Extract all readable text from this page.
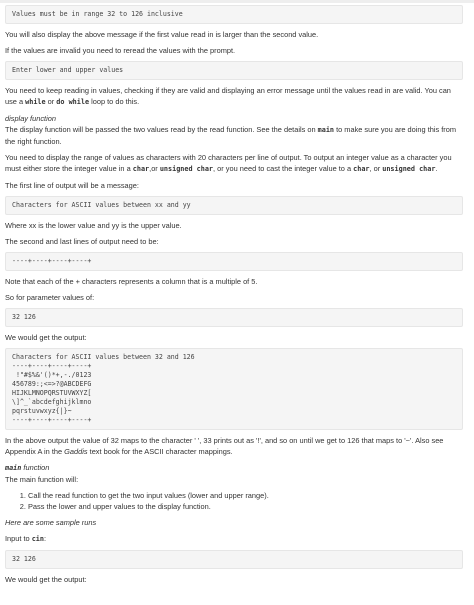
Values must be in range 32 to 126 inclusive

You will also display the above message if the first value read in is larger than the second value.

If the values are invalid you need to reread the values with the prompt.

Enter lower and upper values

You need to keep reading in values, checking if they are valid and displaying an error message until the values read in are valid. You can use a while or do while loop to do this.

display function

The display function will be passed the two values read by the read function. See the details on main to make sure you are doing this from the right function.

You need to display the range of values as characters with 20 characters per line of output. To output an integer value as a character you must either store the integer value in a char,or unsigned char, or you need to cast the integer value to a char, or unsigned char.

The first line of output will be a message:

Characters for ASCII values between xx and yy

Where xx is the lower value and yy is the upper value.

The second and last lines of output need to be:

----+----+----+----+

Note that each of the + characters represents a column that is a multiple of 5.

So for parameter values of:

32 126

We would get the output:

Characters for ASCII values between 32 and 126
----+----+----+----+
!"#$%&'()*+,-./0123
456789:;<=>?@ABCDEFG
HIJKLMNOPQRSTUVWXYZ[
\]^_`abcdefghijklmno
pqrstuvwxyz{|}~
----+----+----+----+

In the above output the value of 32 maps to the character ' ', 33 prints out as '!', and so on until we get to 126 that maps to '~'. Also see Appendix A in the Gaddis text book for the ASCII character mappings.

main function

The main function will:

1. Call the read function to get the two input values (lower and upper range).
2. Pass the lower and upper values to the display function.

Here are some sample runs

Input to cin:

32 126

We would get the output:
